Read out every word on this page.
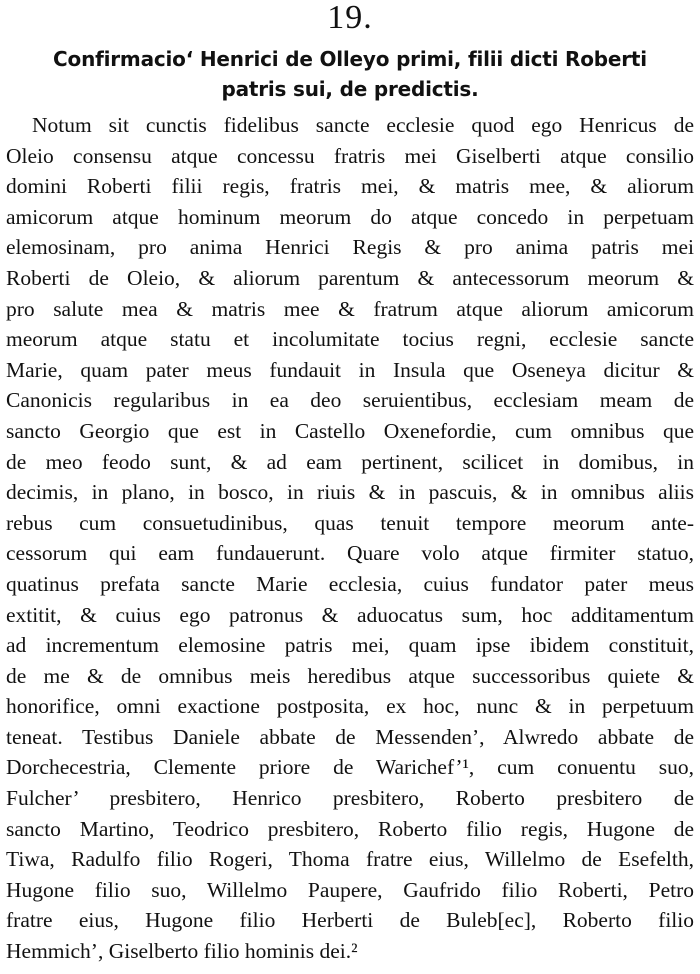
19.
Confirmacio‘ Henrici de Olleyo primi, filii dicti Roberti
patris sui, de predictis.
Notum sit cunctis fidelibus sancte ecclesie quod ego Henricus de
Oleio consensu atque concessu fratris mei Giselberti atque consilio
domini Roberti filii regis, fratris mei, & matris mee, & aliorum
amicorum atque hominum meorum do atque concedo in perpetuam
elemosinam, pro anima Henrici Regis & pro anima patris mei
Roberti de Oleio, & aliorum parentum & antecessorum meorum &
pro salute mea & matris mee & fratrum atque aliorum amicorum
meorum atque statu et incolumitate tocius regni, ecclesie sancte
Marie, quam pater meus fundauit in Insula que Oseneya dicitur &
Canonicis regularibus in ea deo seruientibus, ecclesiam meam de
sancto Georgio que est in Castello Oxenefordie, cum omnibus que
de meo feodo sunt, & ad eam pertinent, scilicet in domibus, in
decimis, in plano, in bosco, in riuis & in pascuis, & in omnibus aliis
rebus cum consuetudinibus, quas tenuit tempore meorum ante-
cessorum qui eam fundauerunt. Quare volo atque firmiter statuo,
quatinus prefata sancte Marie ecclesia, cuius fundator pater meus
extitit, & cuius ego patronus & aduocatus sum, hoc additamentum
ad incrementum elemosine patris mei, quam ipse ibidem constituit,
de me & de omnibus meis heredibus atque successoribus quiete &
honorifice, omni exactione postposita, ex hoc, nunc & in perpetuum
teneat. Testibus Daniele abbate de Messenden’, Alwredo abbate de
Dorchecestria, Clemente priore de Warichef’¹, cum conuentu suo,
Fulcher’ presbitero, Henrico presbitero, Roberto presbitero de
sancto Martino, Teodrico presbitero, Roberto filio regis, Hugone de
Tiwa, Radulfo filio Rogeri, Thoma fratre eius, Willelmo de Esefelth,
Hugone filio suo, Willelmo Paupere, Gaufrido filio Roberti, Petro
fratre eius, Hugone filio Herberti de Buleb[ec], Roberto filio
Hemmich’, Giselberto filio hominis dei.²
